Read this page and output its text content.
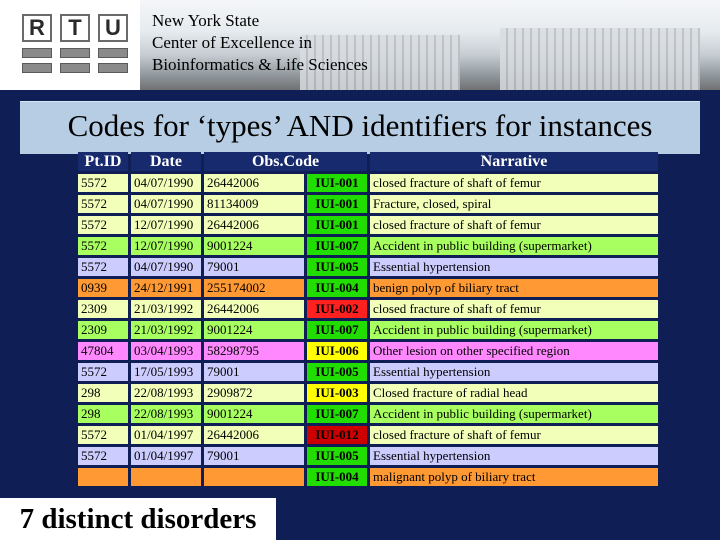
R	T	U	New York State
Center of Excellence in
Bioinformatics & Life Sciences
Codes for ‘types’ AND identifiers for instances
Pt.ID	Date	Obs.Code		Narrative
5572	04/07/1990	26442006	IUI-001	closed fracture of shaft of femur
5572	04/07/1990	81134009	IUI-001	Fracture, closed, spiral
5572	12/07/1990	26442006	IUI-001	closed fracture of shaft of femur
5572	12/07/1990	9001224	IUI-007	Accident in public building (supermarket)
5572	04/07/1990	79001	IUI-005	Essential hypertension
0939	24/12/1991	255174002	IUI-004	benign polyp of biliary tract
2309	21/03/1992	26442006	IUI-002	closed fracture of shaft of femur
2309	21/03/1992	9001224	IUI-007	Accident in public building (supermarket)
47804	03/04/1993	58298795	IUI-006	Other lesion on other specified region
5572	17/05/1993	79001	IUI-005	Essential hypertension
298	22/08/1993	2909872	IUI-003	Closed fracture of radial head
298	22/08/1993	9001224	IUI-007	Accident in public building (supermarket)
5572	01/04/1997	26442006	IUI-012	closed fracture of shaft of femur
5572	01/04/1997	79001	IUI-005	Essential hypertension
			IUI-004	malignant polyp of biliary tract
7 distinct disorders
